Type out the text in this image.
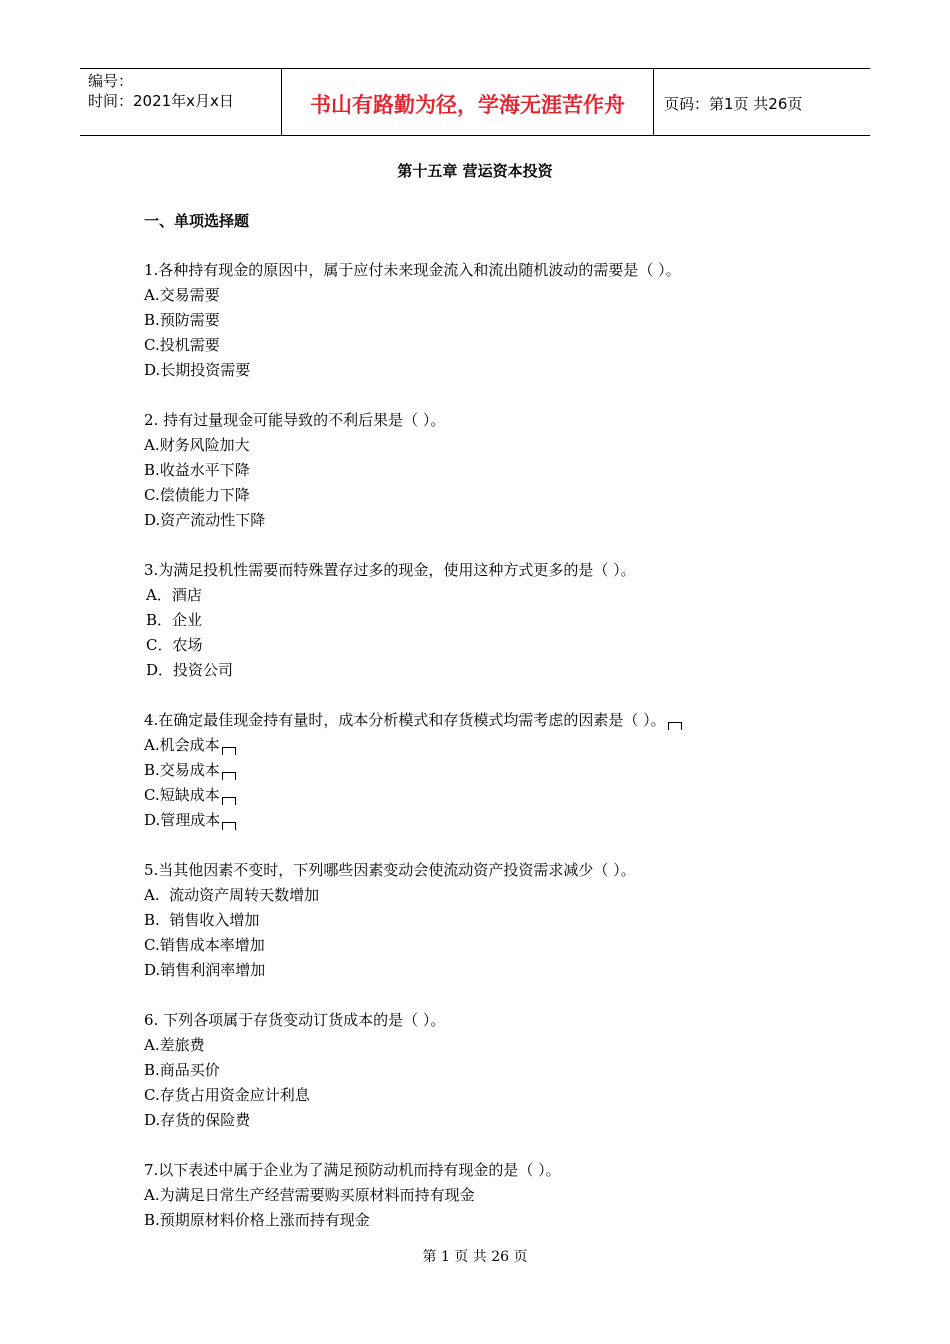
编号：
时间：2021年x月x日	书山有路勤为径，学海无涯苦作舟	页码：第1页 共26页
第十五章 营运资本投资
一、单项选择题
1.各种持有现金的原因中，属于应付未来现金流入和流出随机波动的需要是（ ）。
A.交易需要
B.预防需要
C.投机需要
D.长期投资需要
2. 持有过量现金可能导致的不利后果是（ ）。
A.财务风险加大
B.收益水平下降
C.偿债能力下降
D.资产流动性下降
3.为满足投机性需要而特殊置存过多的现金，使用这种方式更多的是（ ）。
A．酒店
B．企业
C．农场
D．投资公司
4.在确定最佳现金持有量时，成本分析模式和存货模式均需考虑的因素是（ ）。
A.机会成本
B.交易成本
C.短缺成本
D.管理成本
5.当其他因素不变时，下列哪些因素变动会使流动资产投资需求减少（ ）。
A.  流动资产周转天数增加
B.  销售收入增加
C.销售成本率增加
D.销售利润率增加
6. 下列各项属于存货变动订货成本的是（ ）。
A.差旅费
B.商品买价
C.存货占用资金应计利息
D.存货的保险费
7.以下表述中属于企业为了满足预防动机而持有现金的是（ ）。
A.为满足日常生产经营需要购买原材料而持有现金
B.预期原材料价格上涨而持有现金
第 1 页 共 26 页
